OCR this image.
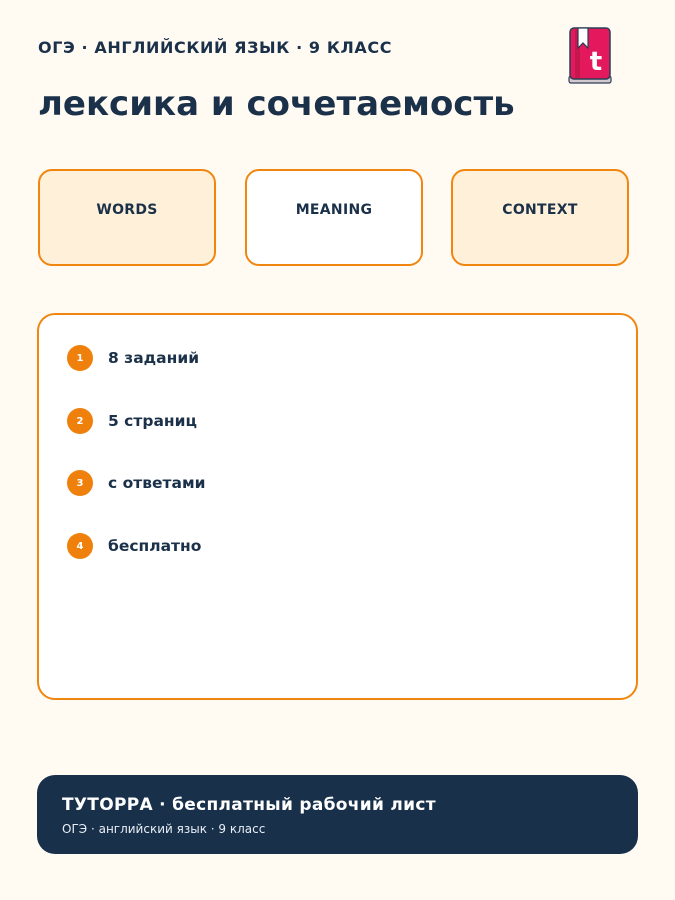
ОГЭ · АНГЛИЙСКИЙ ЯЗЫК · 9 КЛАСС	t
лексика и сочетаемость
WORDS	MEANING	CONTEXT
1	8 заданий
2	5 страниц
3	с ответами
4	бесплатно
ТУТОРРА · бесплатный рабочий лист
ОГЭ · английский язык · 9 класс
